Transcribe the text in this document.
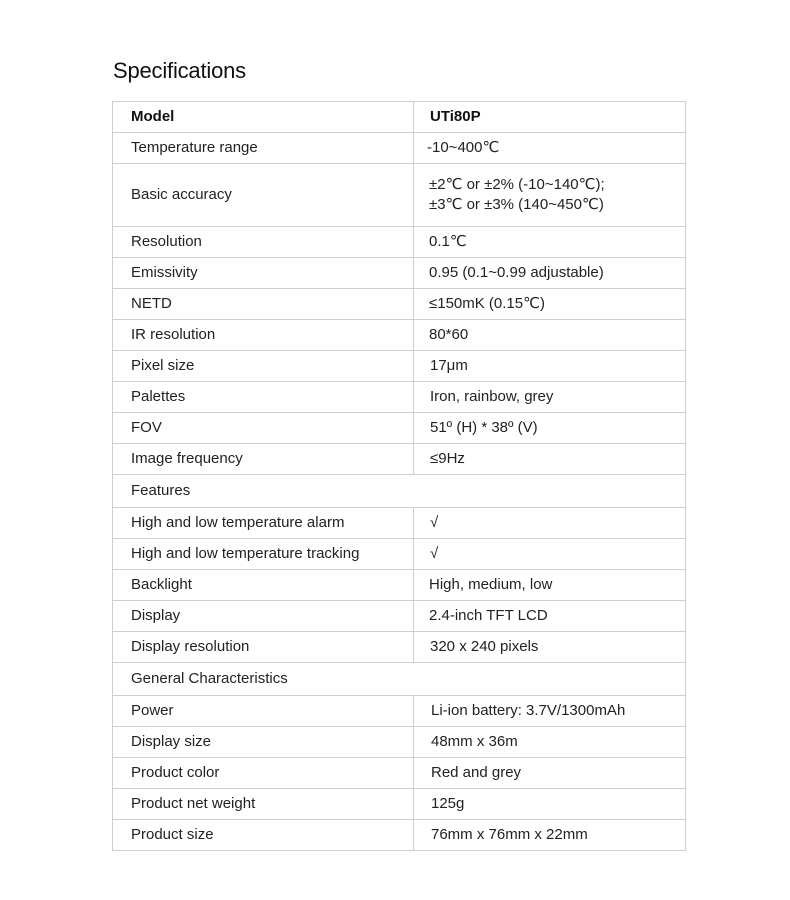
Specifications
Model	UTi80P
Temperature range	-10~400℃
Basic accuracy	±2℃ or ±2% (-10~140℃);
±3℃ or ±3% (140~450℃)

Resolution	0.1℃
Emissivity	0.95 (0.1~0.99 adjustable)
NETD	≤150mK (0.15℃)
IR resolution	80*60
Pixel size	17μm
Palettes	Iron, rainbow, grey
FOV	51º (H) * 38º (V)
Image frequency	≤9Hz
Features	
High and low temperature alarm	√
High and low temperature tracking	√
Backlight	High, medium, low
Display	2.4-inch TFT LCD
Display resolution	320 x 240 pixels
General Characteristics	
Power	Li-ion battery: 3.7V/1300mAh
Display size	48mm x 36m
Product color	Red and grey
Product net weight	125g
Product size	76mm x 76mm x 22mm
